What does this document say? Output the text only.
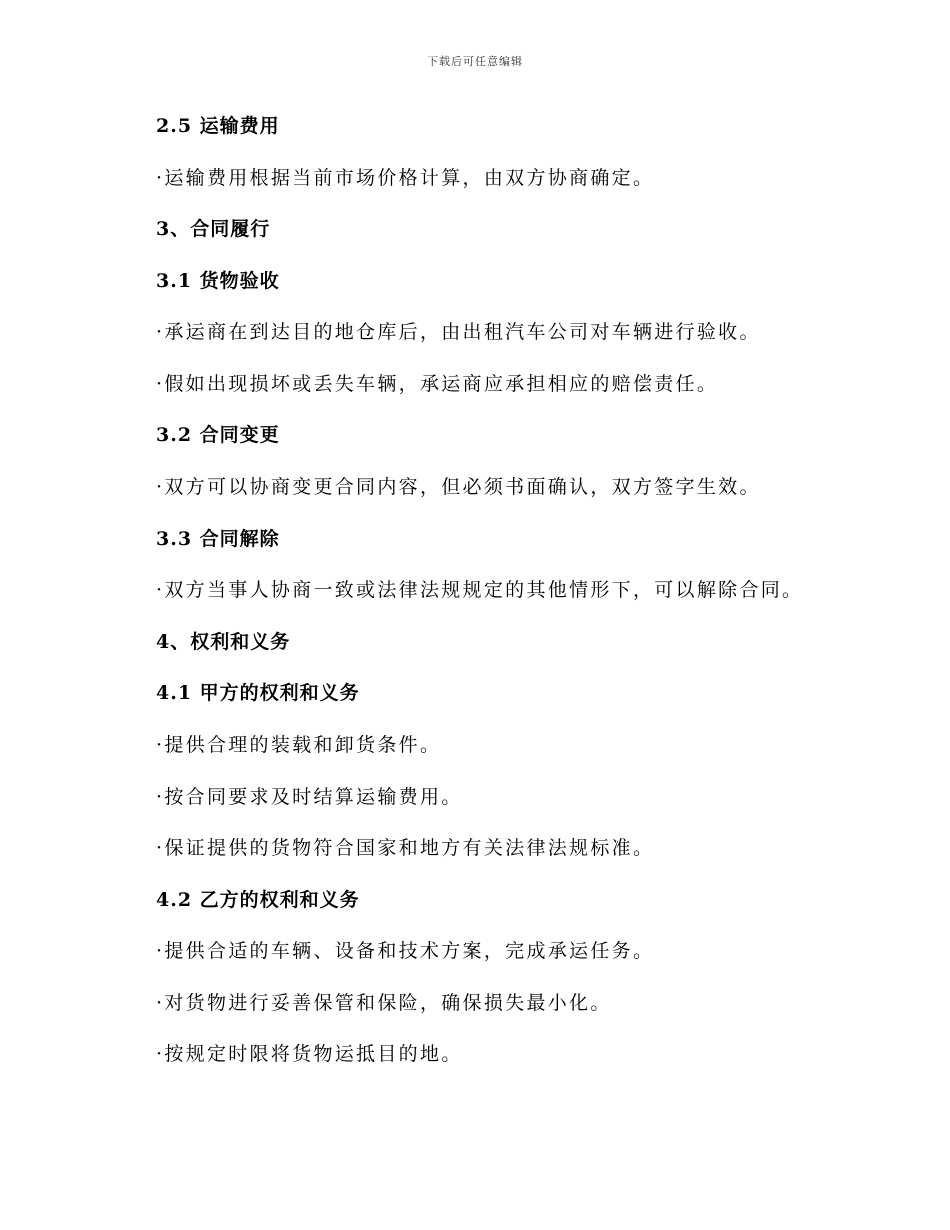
下载后可任意编辑
2.5 运输费用
·运输费用根据当前市场价格计算，由双方协商确定。
3、合同履行
3.1 货物验收
·承运商在到达目的地仓库后，由出租汽车公司对车辆进行验收。
·假如出现损坏或丢失车辆，承运商应承担相应的赔偿责任。
3.2 合同变更
·双方可以协商变更合同内容，但必须书面确认，双方签字生效。
3.3 合同解除
·双方当事人协商一致或法律法规规定的其他情形下，可以解除合同。
4、权利和义务
4.1 甲方的权利和义务
·提供合理的装载和卸货条件。
·按合同要求及时结算运输费用。
·保证提供的货物符合国家和地方有关法律法规标准。
4.2 乙方的权利和义务
·提供合适的车辆、设备和技术方案，完成承运任务。
·对货物进行妥善保管和保险，确保损失最小化。
·按规定时限将货物运抵目的地。
